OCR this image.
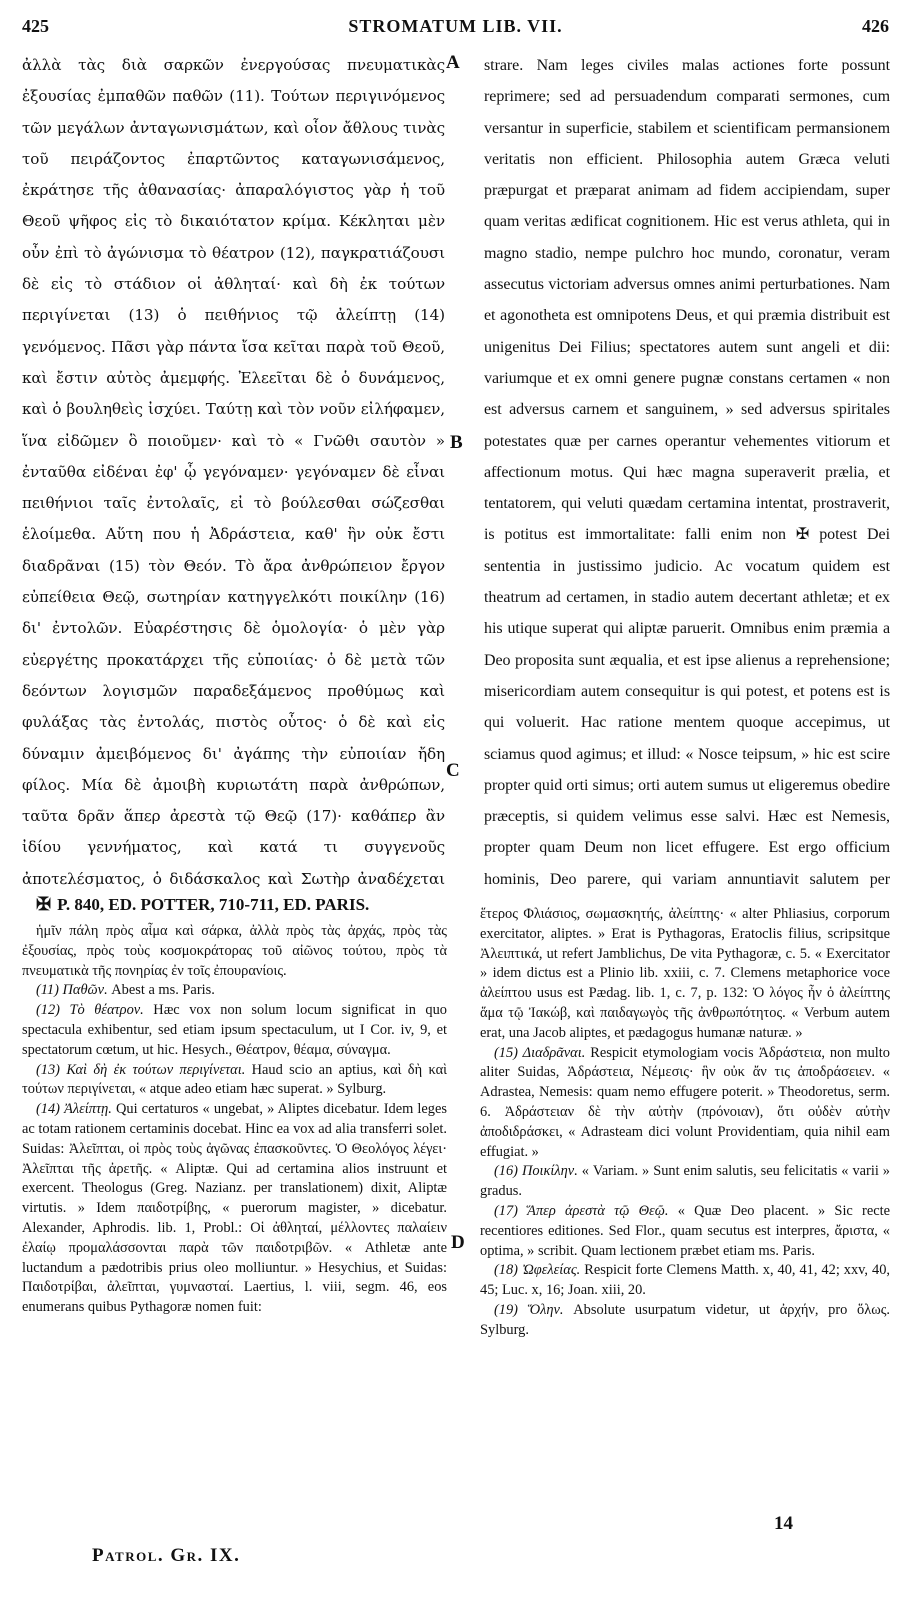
425	STROMATUM LIB. VII.	426

ἀλλὰ τὰς διὰ σαρκῶν ἐνεργούσας πνευματικὰς ἐξουσίας ἐμπαθῶν παθῶν (11). Τούτων περιγινόμενος τῶν μεγάλων ἀνταγωνισμάτων, καὶ οἷον ἄθλους τινὰς τοῦ πειράζοντος ἐπαρτῶντος καταγωνισάμενος, ἐκράτησε τῆς ἀθανασίας· ἀπαραλόγιστος γὰρ ἡ τοῦ Θεοῦ ψῆφος εἰς τὸ δικαιότατον κρίμα. Κέκληται μὲν οὖν ἐπὶ τὸ ἀγώνισμα τὸ θέατρον (12), παγκρατιάζουσι δὲ εἰς τὸ στάδιον οἱ ἀθληταί· καὶ δὴ ἐκ τούτων περιγίνεται (13) ὁ πειθήνιος τῷ ἀλείπτῃ (14) γενόμενος. Πᾶσι γὰρ πάντα ἴσα κεῖται παρὰ τοῦ Θεοῦ, καὶ ἔστιν αὐτὸς ἀμεμφής. Ἐλεεῖται δὲ ὁ δυνάμενος, καὶ ὁ βουληθεὶς ἰσχύει. Ταύτῃ καὶ τὸν νοῦν εἰλήφαμεν, ἵνα εἰδῶμεν ὃ ποιοῦμεν· καὶ τὸ « Γνῶθι σαυτὸν » ἐνταῦθα εἰδέναι ἐφ' ᾧ γεγόναμεν· γεγόναμεν δὲ εἶναι πειθήνιοι ταῖς ἐντολαῖς, εἰ τὸ βούλεσθαι σώζεσθαι ἑλοίμεθα. Αὕτη που ἡ Ἀδράστεια, καθ' ἣν οὐκ ἔστι διαδρᾶναι (15) τὸν Θεόν. Τὸ ἄρα ἀνθρώπειον ἔργον εὐπείθεια Θεῷ, σωτηρίαν κατηγγελκότι ποικίλην (16) δι' ἐντολῶν. Εὐαρέστησις δὲ ὁμολογία· ὁ μὲν γὰρ εὐεργέτης προκατάρχει τῆς εὐποιίας· ὁ δὲ μετὰ τῶν δεόντων λογισμῶν παραδεξάμενος προθύμως καὶ φυλάξας τὰς ἐντολάς, πιστὸς οὗτος· ὁ δὲ καὶ εἰς δύναμιν ἀμειβόμενος δι' ἀγάπης τὴν εὐποιίαν ἤδη φίλος. Μία δὲ ἀμοιβὴ κυριωτάτη παρὰ ἀνθρώπων, ταῦτα δρᾶν ἅπερ ἀρεστὰ τῷ Θεῷ (17)· καθάπερ ἂν ἰδίου γεννήματος, καὶ κατά τι συγγενοῦς ἀποτελέσματος, ὁ διδάσκαλος καὶ Σωτὴρ ἀναδέχεται

A
B
C
D

strare. Nam leges civiles malas actiones forte possunt reprimere; sed ad persuadendum comparati sermones, cum versantur in superficie, stabilem et scientificam permansionem veritatis non efficient. Philosophia autem Græca veluti præpurgat et præparat animam ad fidem accipiendam, super quam veritas ædificat cognitionem. Hic est verus athleta, qui in magno stadio, nempe pulchro hoc mundo, coronatur, veram assecutus victoriam adversus omnes animi perturbationes. Nam et agonotheta est omnipotens Deus, et qui præmia distribuit est unigenitus Dei Filius; spectatores autem sunt angeli et dii: variumque et ex omni genere pugnæ constans certamen « non est adversus carnem et sanguinem, » sed adversus spiritales potestates quæ per carnes operantur vehementes vitiorum et affectionum motus. Qui hæc magna superaverit prælia, et tentatorem, qui veluti quædam certamina intentat, prostraverit, is potitus est immortalitate: falli enim non ✠ potest Dei sententia in justissimo judicio. Ac vocatum quidem est theatrum ad certamen, in stadio autem decertant athletæ; et ex his utique superat qui aliptæ paruerit. Omnibus enim præmia a Deo proposita sunt æqualia, et est ipse alienus a reprehensione; misericordiam autem consequitur is qui potest, et potens est is qui voluerit. Hac ratione mentem quoque accepimus, ut sciamus quod agimus; et illud: « Nosce teipsum, » hic est scire propter quid orti simus; orti autem sumus ut eligeremus obedire præceptis, si quidem velimus esse salvi. Hæc est Nemesis, propter quam Deum non licet effugere. Est ergo officium hominis, Deo parere, qui variam annuntiavit salutem per

✠ P. 840, ED. POTTER, 710-711, ED. PARIS.

ἡμῖν πάλη πρὸς αἷμα καὶ σάρκα, ἀλλὰ πρὸς τὰς ἀρχάς, πρὸς τὰς ἐξουσίας, πρὸς τοὺς κοσμοκράτορας τοῦ αἰῶνος τούτου, πρὸς τὰ πνευματικὰ τῆς πονηρίας ἐν τοῖς ἐπουρανίοις.

(11) Παθῶν. Abest a ms. Paris.

(12) Τὸ θέατρον. Hæc vox non solum locum significat in quo spectacula exhibentur, sed etiam ipsum spectaculum, ut I Cor. iv, 9, et spectatorum cœtum, ut hic. Hesych., Θέατρον, θέαμα, σύναγμα.

(13) Καὶ δὴ ἐκ τούτων περιγίνεται. Haud scio an aptius, καὶ δὴ καὶ τούτων περιγίνεται, « atque adeo etiam hæc superat. » Sylburg.

(14) Ἀλείπτῃ. Qui certaturos « ungebat, » Aliptes dicebatur. Idem leges ac totam rationem certaminis docebat. Hinc ea vox ad alia transferri solet. Suidas: Ἀλεῖπται, οἱ πρὸς τοὺς ἀγῶνας ἐπασκοῦντες. Ὁ Θεολόγος λέγει· Ἀλεῖπται τῆς ἀρετῆς. « Aliptæ. Qui ad certamina alios instruunt et exercent. Theologus (Greg. Nazianz. per translationem) dixit, Aliptæ virtutis. » Idem παιδοτρίβης, « puerorum magister, » dicebatur. Alexander, Aphrodis. lib. 1, Probl.: Οἱ ἀθληταί, μέλλοντες παλαίειν ἐλαίῳ προμαλάσσονται παρὰ τῶν παιδοτριβῶν. « Athletæ ante luctandum a pædotribis prius oleo molliuntur. » Hesychius, et Suidas: Παιδοτρίβαι, ἀλεῖπται, γυμνασταί. Laertius, l. viii, segm. 46, eos enumerans quibus Pythagoræ nomen fuit:

ἕτερος Φλιάσιος, σωμασκητής, ἀλείπτης· « alter Phliasius, corporum exercitator, aliptes. » Erat is Pythagoras, Eratoclis filius, scripsitque Ἀλειπτικά, ut refert Jamblichus, De vita Pythagoræ, c. 5. « Exercitator » idem dictus est a Plinio lib. xxiii, c. 7. Clemens metaphorice voce ἀλείπτου usus est Pædag. lib. 1, c. 7, p. 132: Ὁ λόγος ἦν ὁ ἀλείπτης ἅμα τῷ Ἰακώβ, καὶ παιδαγωγὸς τῆς ἀνθρωπότητος. « Verbum autem erat, una Jacob aliptes, et pædagogus humanæ naturæ. »

(15) Διαδρᾶναι. Respicit etymologiam vocis Ἀδράστεια, non multo aliter Suidas, Ἀδράστεια, Νέμεσις· ἣν οὐκ ἄν τις ἀποδράσειεν. « Adrastea, Nemesis: quam nemo effugere poterit. » Theodoretus, serm. 6. Ἀδράστειαν δὲ τὴν αὐτὴν (πρόνοιαν), ὅτι οὐδὲν αὐτὴν ἀποδιδράσκει, « Adrasteam dici volunt Providentiam, quia nihil eam effugiat. »

(16) Ποικίλην. « Variam. » Sunt enim salutis, seu felicitatis « varii » gradus.

(17) Ἅπερ ἀρεστὰ τῷ Θεῷ. « Quæ Deo placent. » Sic recte recentiores editiones. Sed Flor., quam secutus est interpres, ἄριστα, « optima, » scribit. Quam lectionem præbet etiam ms. Paris.

(18) Ὠφελείας. Respicit forte Clemens Matth. x, 40, 41, 42; xxv, 40, 45; Luc. x, 16; Joan. xiii, 20.

(19) Ὅλην. Absolute usurpatum videtur, ut ἀρχήν, pro ὅλως. Sylburg.

Patrol. Gr. IX.
14
